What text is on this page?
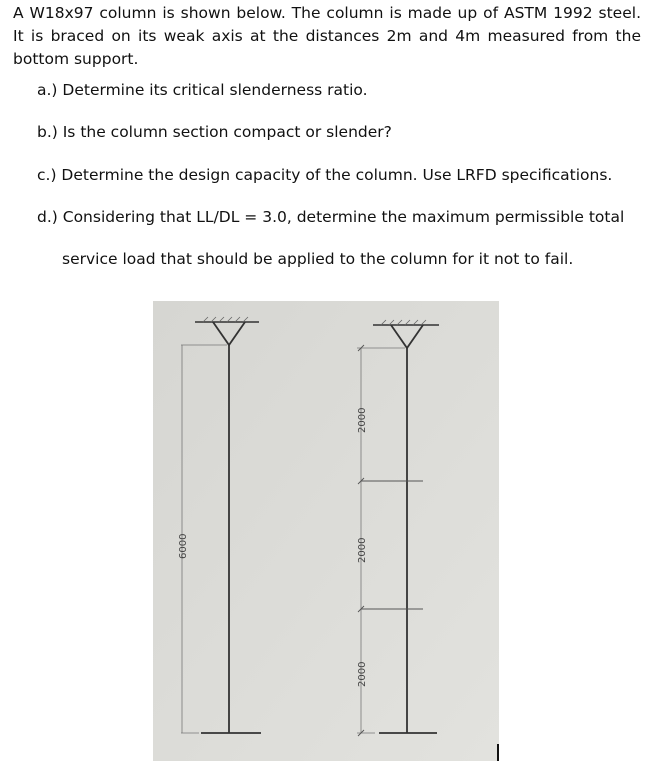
A W18x97 column is shown below. The column is made up of ASTM 1992 steel. It is braced on its weak axis at the distances 2m and 4m measured from the bottom support.

a.) Determine its critical slenderness ratio.

b.) Is the column section compact or slender?

c.) Determine the design capacity of the column. Use LRFD specifications.

d.) Considering that LL/DL = 3.0, determine the maximum permissible total

service load that should be applied to the column for it not to fail.

6000
2000
2000
2000
